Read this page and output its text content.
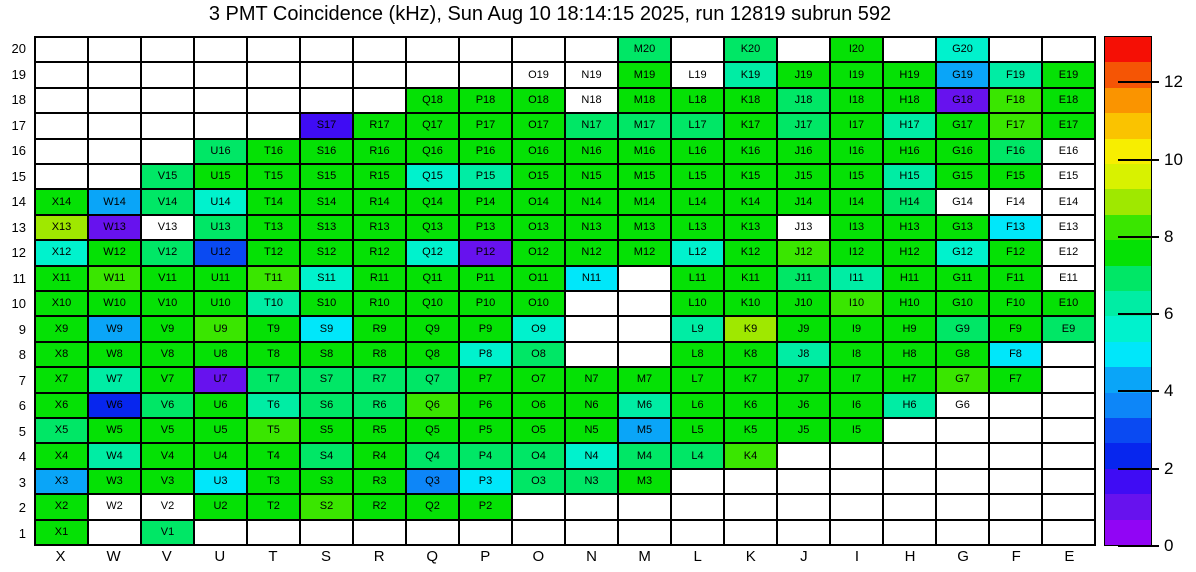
3 PMT Coincidence (kHz), Sun Aug 10 18:14:15 2025, run 12819 subrun 592
20
19
18
17
16
15
14
13
12
11
10
9
8
7
6
5
4
3
2
1
M20	K20	I20	G20
O19	N19	M19	L19	K19	J19	I19	H19	G19	F19	E19
Q18	P18	O18	N18	M18	L18	K18	J18	I18	H18	G18	F18	E18
S17	R17	Q17	P17	O17	N17	M17	L17	K17	J17	I17	H17	G17	F17	E17
U16	T16	S16	R16	Q16	P16	O16	N16	M16	L16	K16	J16	I16	H16	G16	F16	E16
V15	U15	T15	S15	R15	Q15	P15	O15	N15	M15	L15	K15	J15	I15	H15	G15	F15	E15
X14	W14	V14	U14	T14	S14	R14	Q14	P14	O14	N14	M14	L14	K14	J14	I14	H14	G14	F14	E14
X13	W13	V13	U13	T13	S13	R13	Q13	P13	O13	N13	M13	L13	K13	J13	I13	H13	G13	F13	E13
X12	W12	V12	U12	T12	S12	R12	Q12	P12	O12	N12	M12	L12	K12	J12	I12	H12	G12	F12	E12
X11	W11	V11	U11	T11	S11	R11	Q11	P11	O11	N11	L11	K11	J11	I11	H11	G11	F11	E11
X10	W10	V10	U10	T10	S10	R10	Q10	P10	O10	L10	K10	J10	I10	H10	G10	F10	E10
X9	W9	V9	U9	T9	S9	R9	Q9	P9	O9	L9	K9	J9	I9	H9	G9	F9	E9
X8	W8	V8	U8	T8	S8	R8	Q8	P8	O8	L8	K8	J8	I8	H8	G8	F8
X7	W7	V7	U7	T7	S7	R7	Q7	P7	O7	N7	M7	L7	K7	J7	I7	H7	G7	F7
X6	W6	V6	U6	T6	S6	R6	Q6	P6	O6	N6	M6	L6	K6	J6	I6	H6	G6
X5	W5	V5	U5	T5	S5	R5	Q5	P5	O5	N5	M5	L5	K5	J5	I5
X4	W4	V4	U4	T4	S4	R4	Q4	P4	O4	N4	M4	L4	K4
X3	W3	V3	U3	T3	S3	R3	Q3	P3	O3	N3	M3
X2	W2	V2	U2	T2	S2	R2	Q2	P2
X1	V1
X	W	V	U	T	S	R	Q	P	O	N	M	L	K	J	I	H	G	F	E
0
2
4
6
8
10
12
